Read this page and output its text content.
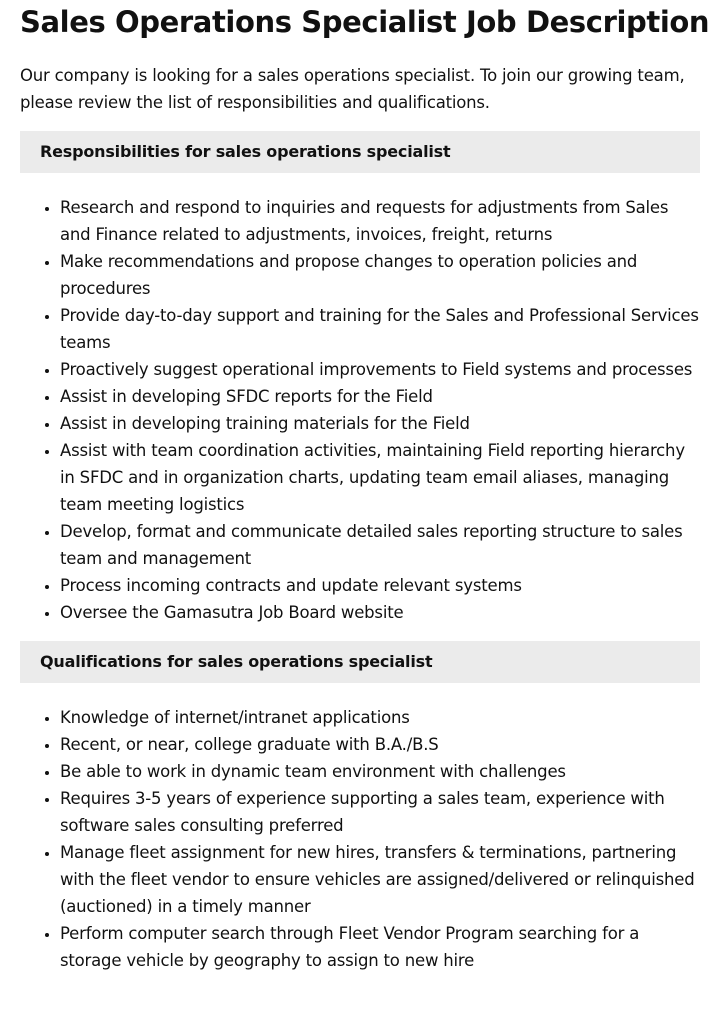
Sales Operations Specialist Job Description

Our company is looking for a sales operations specialist. To join our growing team, please review the list of responsibilities and qualifications.

Responsibilities for sales operations specialist
• Research and respond to inquiries and requests for adjustments from Sales and Finance related to adjustments, invoices, freight, returns
• Make recommendations and propose changes to operation policies and procedures
• Provide day-to-day support and training for the Sales and Professional Services teams
• Proactively suggest operational improvements to Field systems and processes
• Assist in developing SFDC reports for the Field
• Assist in developing training materials for the Field
• Assist with team coordination activities, maintaining Field reporting hierarchy in SFDC and in organization charts, updating team email aliases, managing team meeting logistics
• Develop, format and communicate detailed sales reporting structure to sales team and management
• Process incoming contracts and update relevant systems
• Oversee the Gamasutra Job Board website
Qualifications for sales operations specialist
• Knowledge of internet/intranet applications
• Recent, or near, college graduate with B.A./B.S
• Be able to work in dynamic team environment with challenges
• Requires 3-5 years of experience supporting a sales team, experience with software sales consulting preferred
• Manage fleet assignment for new hires, transfers & terminations, partnering with the fleet vendor to ensure vehicles are assigned/delivered or relinquished (auctioned) in a timely manner
• Perform computer search through Fleet Vendor Program searching for a storage vehicle by geography to assign to new hire
